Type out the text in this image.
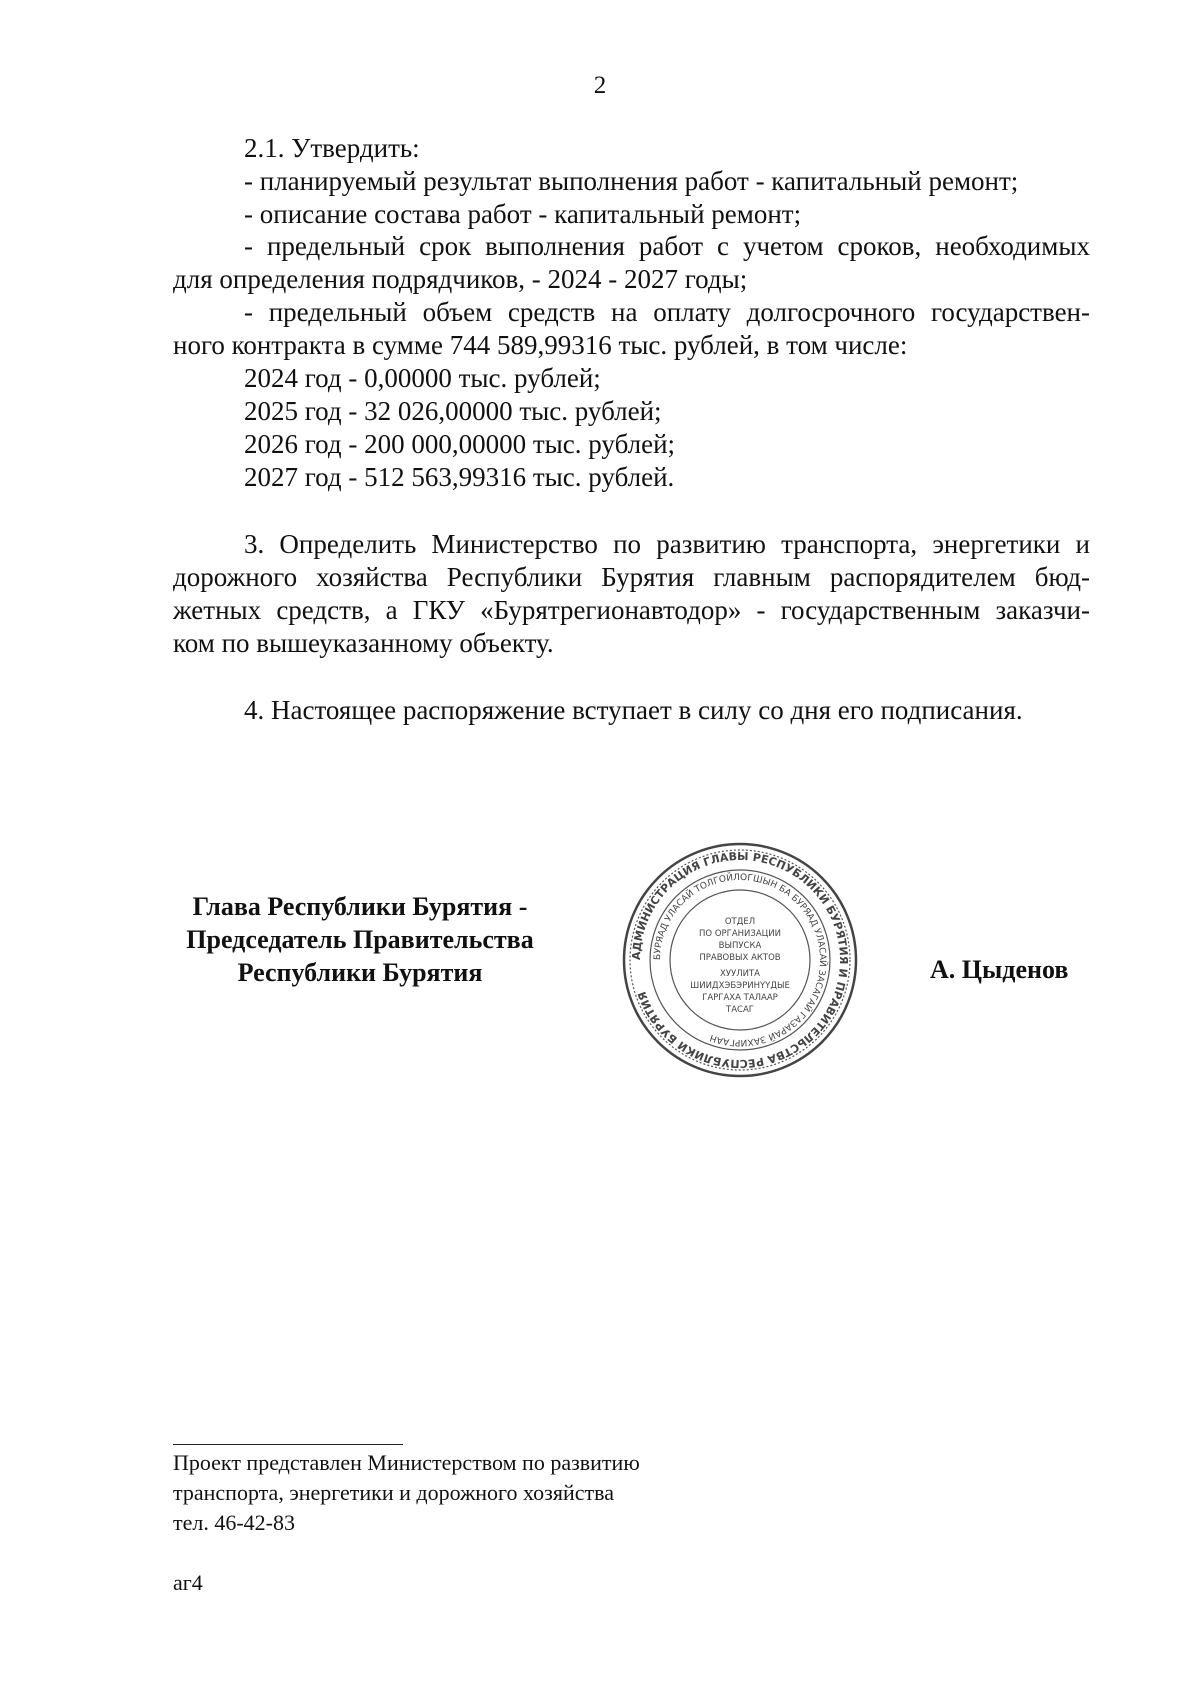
2
2.1. Утвердить:
- планируемый результат выполнения работ - капитальный ремонт;
- описание состава работ - капитальный ремонт;
- предельный срок выполнения работ с учетом сроков, необходимых
для определения подрядчиков, - 2024 - 2027 годы;
- предельный объем средств на оплату долгосрочного государствен-
ного контракта в сумме 744 589,99316 тыс. рублей, в том числе:
2024 год - 0,00000 тыс. рублей;
2025 год - 32 026,00000 тыс. рублей;
2026 год - 200 000,00000 тыс. рублей;
2027 год - 512 563,99316 тыс. рублей.
3. Определить Министерство по развитию транспорта, энергетики и
дорожного хозяйства Республики Бурятия главным распорядителем бюд-
жетных средств, а ГКУ «Бурятрегионавтодор» - государственным заказчи-
ком по вышеуказанному объекту.
4. Настоящее распоряжение вступает в силу со дня его подписания.
Глава Республики Бурятия -
Председатель Правительства
Республики Бурятия
АДМИНИСТРАЦИЯ ГЛАВЫ РЕСПУБЛИКИ БУРЯТИЯ И ПРАВИТЕЛЬСТВА РЕСПУБЛИКИ БУРЯТИЯ
БУРЯАД УЛАСАЙ ТОЛГОЙЛОГШЫН БА БУРЯАД УЛАСАЙ ЗАСАГАЙ ГАЗАРАЙ ЗАХИРГААН
ОТДЕЛ
ПО ОРГАНИЗАЦИИ
ВЫПУСКА
ПРАВОВЫХ АКТОВ
ХУУЛИТА
ШИИДХЭБЭРИНҮҮДЫЕ
ГАРГАХА ТАЛААР
ТАСАГ
А. Цыденов
Проект представлен Министерством по развитию
транспорта, энергетики и дорожного хозяйства
тел. 46-42-83
аг4
